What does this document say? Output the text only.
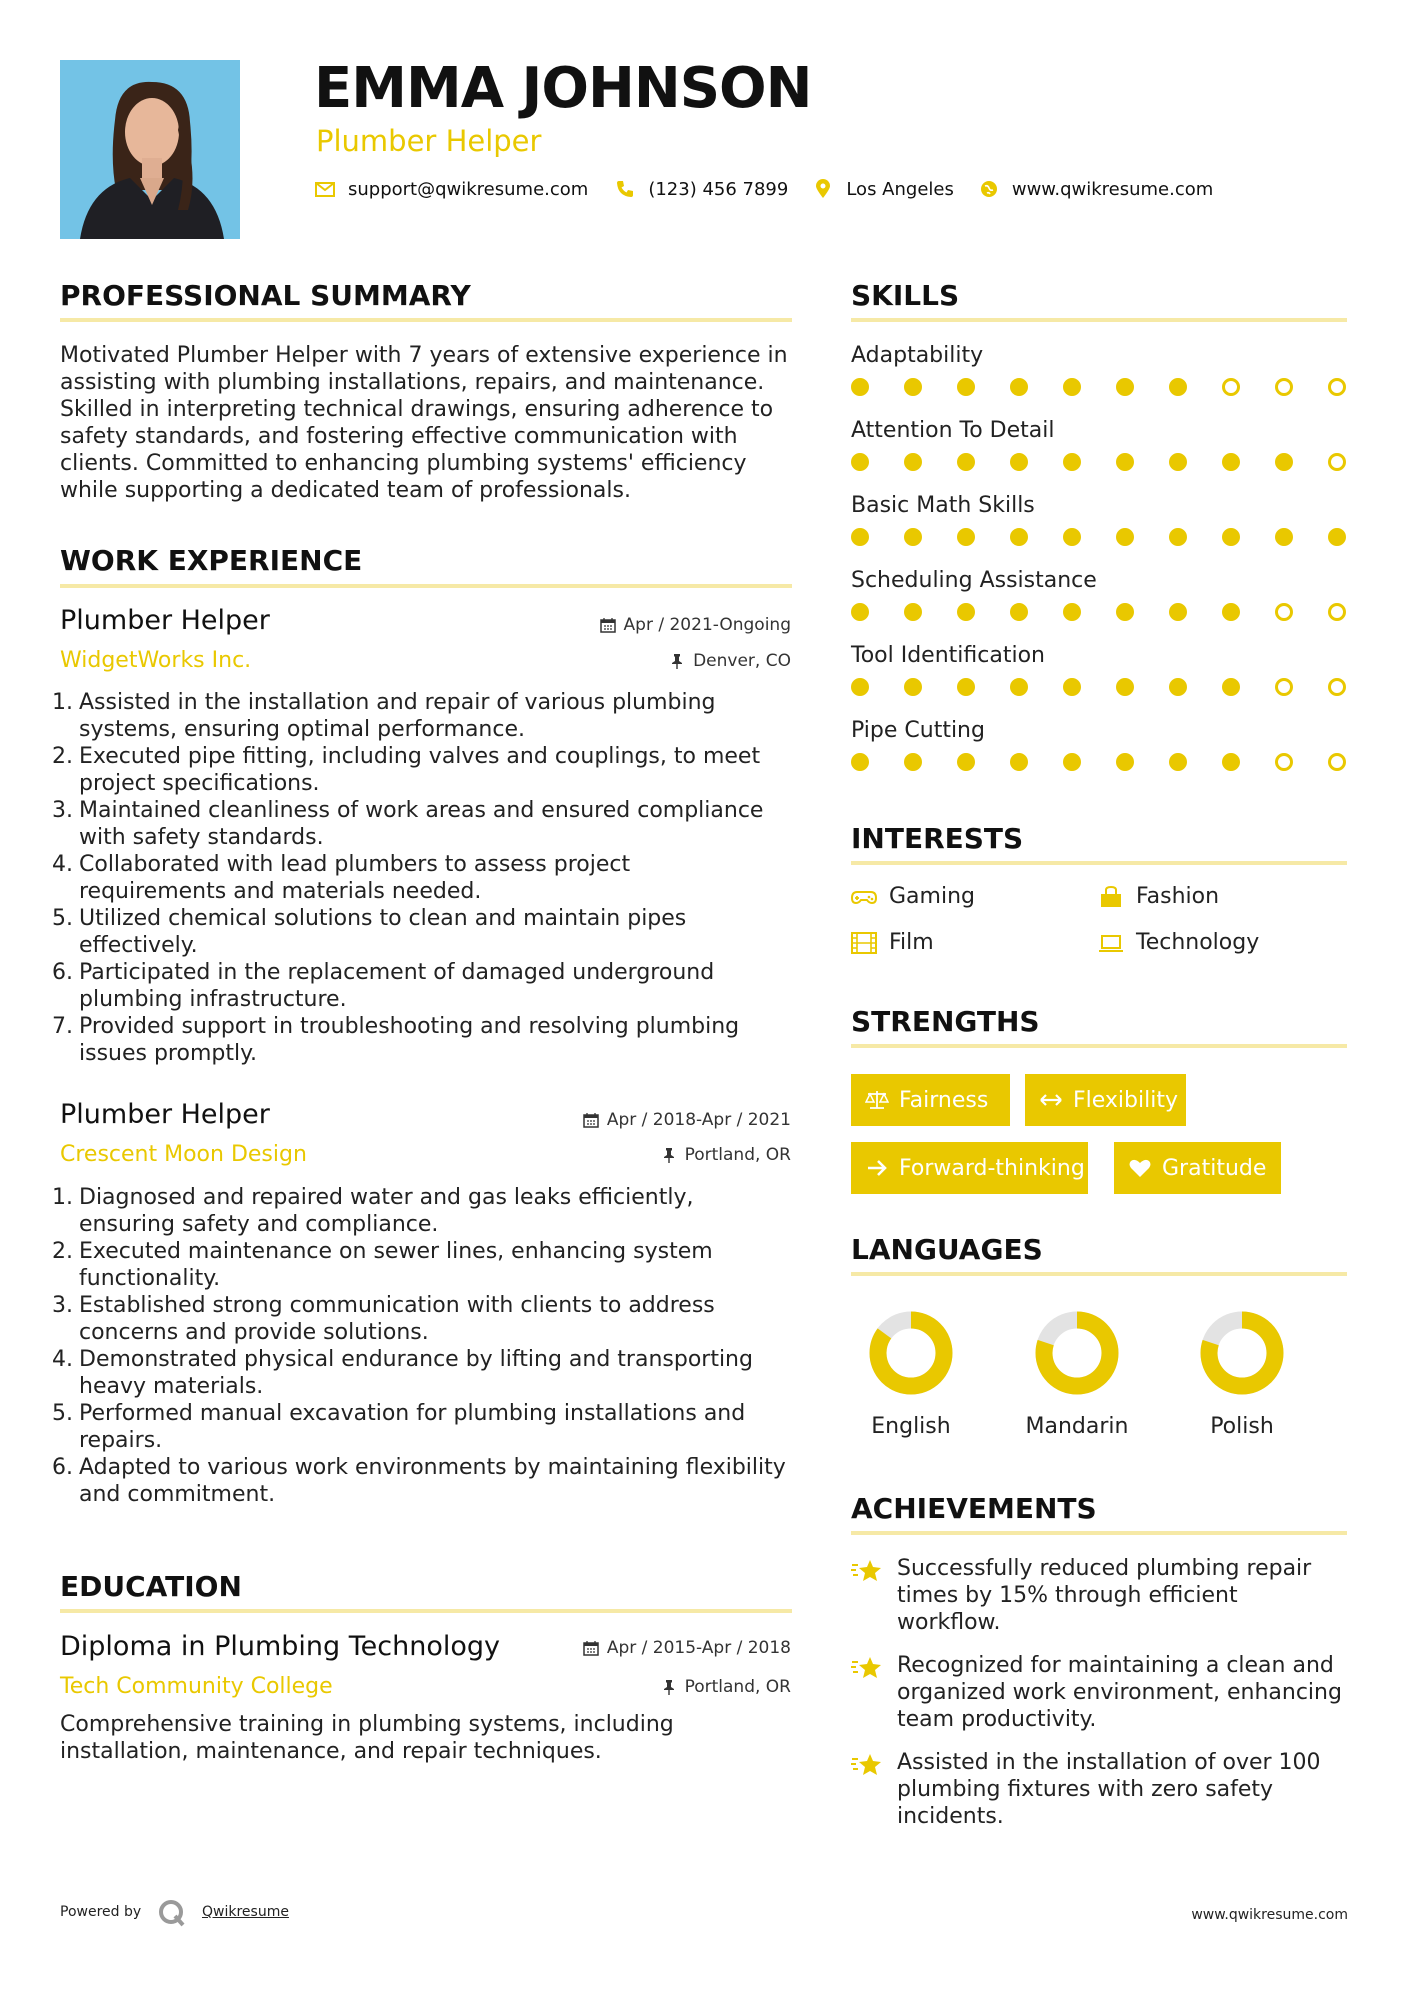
EMMA JOHNSON
Plumber Helper
support@qwikresume.com	(123) 456 7899	Los Angeles	www.qwikresume.com
PROFESSIONAL SUMMARY
Motivated Plumber Helper with 7 years of extensive experience in
assisting with plumbing installations, repairs, and maintenance.
Skilled in interpreting technical drawings, ensuring adherence to
safety standards, and fostering effective communication with
clients. Committed to enhancing plumbing systems' efficiency
while supporting a dedicated team of professionals.
WORK EXPERIENCE
Plumber Helper
WidgetWorks Inc.
Apr / 2021-Ongoing
Denver, CO
Assisted in the installation and repair of various plumbing
systems, ensuring optimal performance.
Executed pipe fitting, including valves and couplings, to meet
project specifications.
Maintained cleanliness of work areas and ensured compliance
with safety standards.
Collaborated with lead plumbers to assess project
requirements and materials needed.
Utilized chemical solutions to clean and maintain pipes
effectively.
Participated in the replacement of damaged underground
plumbing infrastructure.
Provided support in troubleshooting and resolving plumbing
issues promptly.
Plumber Helper
Crescent Moon Design
Apr / 2018-Apr / 2021
Portland, OR
Diagnosed and repaired water and gas leaks efficiently,
ensuring safety and compliance.
Executed maintenance on sewer lines, enhancing system
functionality.
Established strong communication with clients to address
concerns and provide solutions.
Demonstrated physical endurance by lifting and transporting
heavy materials.
Performed manual excavation for plumbing installations and
repairs.
Adapted to various work environments by maintaining flexibility
and commitment.
EDUCATION
Diploma in Plumbing Technology
Tech Community College
Apr / 2015-Apr / 2018
Portland, OR
Comprehensive training in plumbing systems, including
installation, maintenance, and repair techniques.
SKILLS
Adaptability
Attention To Detail
Basic Math Skills
Scheduling Assistance
Tool Identification
Pipe Cutting
INTERESTS
Gaming	Fashion
Film	Technology
STRENGTHS
Fairness	Flexibility
Forward-thinking	Gratitude
LANGUAGES
English	Mandarin	Polish
ACHIEVEMENTS
Successfully reduced plumbing repair
times by 15% through efficient workflow.
Recognized for maintaining a clean and
organized work environment, enhancing
team productivity.
Assisted in the installation of over 100
plumbing fixtures with zero safety
incidents.
Powered by	Qwikresume	www.qwikresume.com
